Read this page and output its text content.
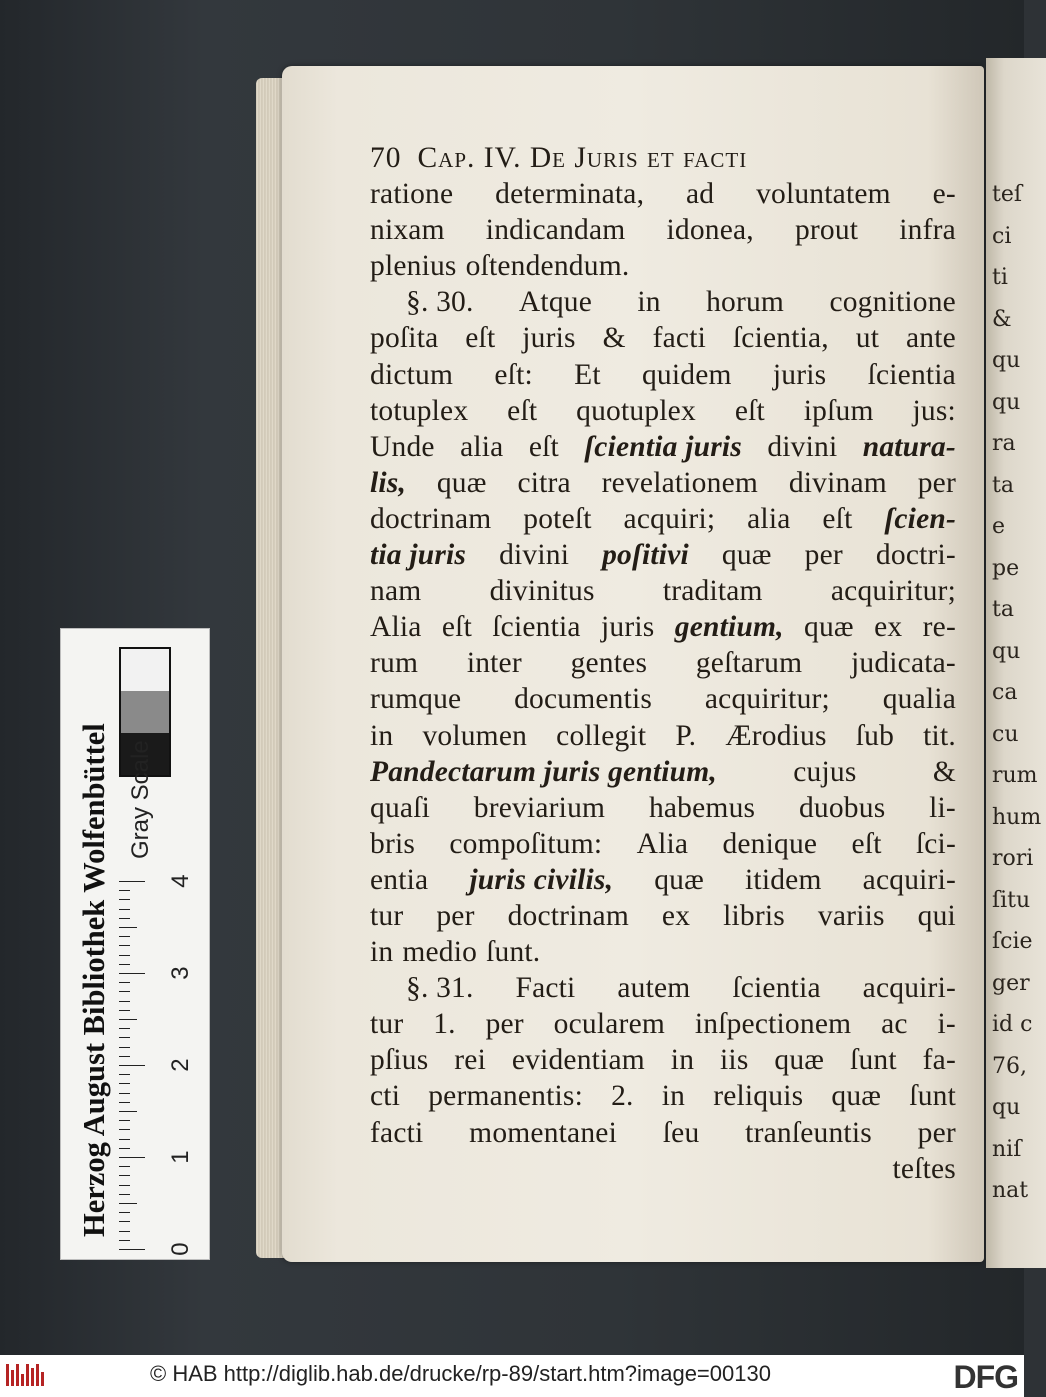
teſ
ci
ti
&
qu
qu
ra
ta
e
pe
ta
qu
ca
cu
rum
hum
rori
ſitu
ſcie
ger
id c
76,
qu
niſ
nat
70 Cap. IV. De Juris et facti
ratione determinata, ad voluntatem e-
nixam indicandam idonea, prout infra
plenius oſtendendum.
§. 30. Atque in horum cognitione
poſita eſt juris & facti ſcientia, ut ante
dictum eſt: Et quidem juris ſcientia
totuplex eſt quotuplex eſt ipſum jus:
Unde alia eſt ſcientia juris divini naturа-
lis, quæ citra revelationem divinam per
doctrinam poteſt acquiri; alia eſt ſcien-
tia juris divini poſitivi quæ per doctri-
nam divinitus traditam acquiritur;
Alia eſt ſcientia juris gentium, quæ ex re-
rum inter gentes geſtarum judicata-
rumque documentis acquiritur; qualia
in volumen collegit P. Ærodius ſub tit.
Pandectarum juris gentium,	cujus	&
quaſi breviarium habemus duobus li-
bris compoſitum: Alia denique eſt ſci-
entia juris civilis, quæ itidem acquiri-
tur per doctrinam ex libris variis qui
in medio ſunt.
§. 31. Facti autem ſcientia acquiri-
tur 1. per ocularem inſpectionem ac i-
pſius rei evidentiam in iis quæ ſunt fa-
cti permanentis: 2. in reliquis quæ ſunt
facti momentanei ſeu tranſeuntis per
teſtes
Herzog August Bibliothek Wolfenbüttel Gray Scale
0
1
2
3
4
© HAB http://diglib.hab.de/drucke/rp-89/start.htm?image=00130	DFG
